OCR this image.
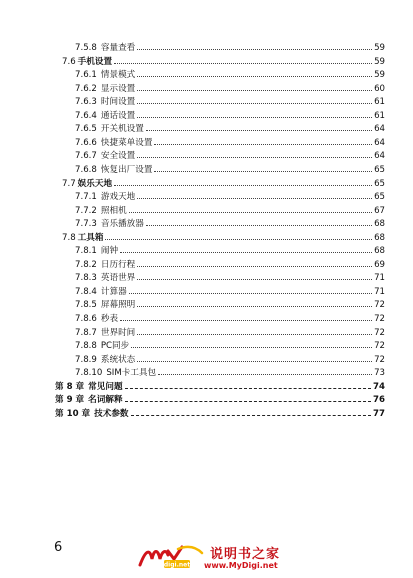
7.5.8 容量查看	59
7.6 手机设置	59
7.6.1 情景模式	59
7.6.2 显示设置	60
7.6.3 时间设置	61
7.6.4 通话设置	61
7.6.5 开关机设置	64
7.6.6 快捷菜单设置	64
7.6.7 安全设置	64
7.6.8 恢复出厂设置	65
7.7 娱乐天地	65
7.7.1 游戏天地	65
7.7.2 照相机	67
7.7.3 音乐播放器	68
7.8 工具箱	68
7.8.1 闹钟	68
7.8.2 日历行程	69
7.8.3 英语世界	71
7.8.4 计算器	71
7.8.5 屏幕照明	72
7.8.6 秒表	72
7.8.7 世界时间	72
7.8.8 PC同步	72
7.8.9 系统状态	72
7.8.10 SIM卡工具包	73
第 8 章 常见问题	74
第 9 章 名词解释	76
第 10 章 技术参数	77
6
digi.net
说明书之家
www.MyDigi.net
